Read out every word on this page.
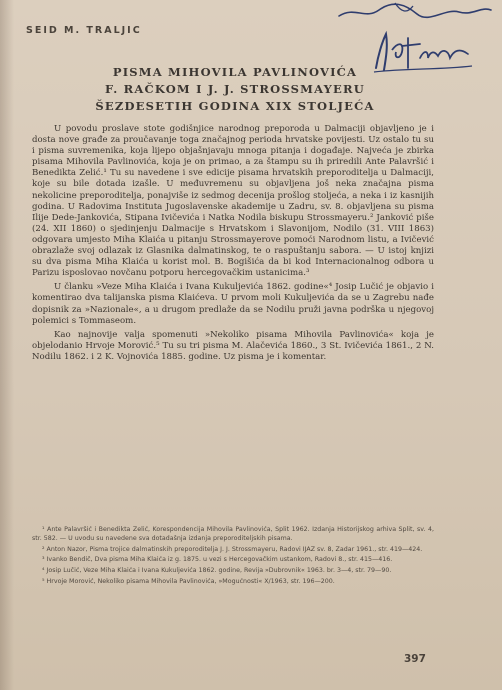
SEID M. TRALJIC
PISMA MIHOVILA PAVLINOVIĆA
F. RAČKOM I J. J. STROSSMAYERU
ŠEZDESETIH GODINA XIX STOLJEĆA

U povodu proslave stote godišnjice narodnog preporoda u Dalmaciji objavljeno je i dosta nove građe za proučavanje toga značajnog perioda hrvatske povijesti. Uz ostalo tu su i pisma suvremenika, koja lijepo objašnjavaju mnoga pitanja i događaje. Najveća je zbirka pisama Mihovila Pavlinovića, koja je on primao, a za štampu su ih priredili Ante Palavršić i Benediktа Zelić.¹ Tu su navedene i sve edicije pisama hrvatskih preporoditelja u Dalmaciji, koje su bile dotada izašle. U međuvremenu su objavljena još neka značajna pisma nekolicine preporoditelja, ponajviše iz sedmog decenija prošlog stoljeća, a neka i iz kasnijih godina. U Radovima Instituta Jugoslavenske akademije u Zadru, sv. 8. objavljena su pisma Ilije Dede-Jankovića, Stipana Ivičevića i Natka Nodila biskupu Strossmayeru.² Janković piše (24. XII 1860) o sjedinjenju Dalmacije s Hrvatskom i Slavonijom, Nodilo (31. VIII 1863) odgovara umjesto Miha Klaića u pitanju Strossmayerove pomoći Narodnom listu, a Ivičević obrazlaže svoj odlazak iz Glasnika dalmatinskog, te o raspuštanju sabora. — U istoj knjizi su dva pisma Miha Klaića u korist mol. B. Bogišića da bi kod Internacionalnog odbora u Parizu isposlovao novčanu potporu hercegovačkim ustanicima.³

U članku »Veze Miha Klaića i Ivana Kukuljevića 1862. godine«⁴ Josip Lučić je objavio i komentirao dva talijanska pisma Klaićeva. U prvom moli Kukuljevića da se u Zagrebu nađe dopisnik za »Nazionale«, a u drugom predlaže da se Nodilu pruži javna podrška u njegovoj polemici s Tommaseom.

Kao najnovije valja spomenuti »Nekoliko pisama Mihovila Pavlinovića« koja je objelodanio Hrvoje Morović.⁵ Tu su tri pisma M. Alačevića 1860., 3 St. Ivičevića 1861., 2 N. Nodilu 1862. i 2 K. Vojnovića 1885. godine. Uz pisma je i komentar.

¹ Ante Palavršić i Benedikta Zelić, Korespondencija Mihovila Pavlinovića, Split 1962. Izdanja Historijskog arhiva Split, sv. 4, str. 582. — U uvodu su navedene sva dotadašnja izdanja preporoditeljskih pisama.

² Anton Nazor, Pisma trojice dalmatinskih preporoditelja J. J. Strossmayeru, Radovi IJAZ sv. 8, Zadar 1961., str. 419—424.

³ Ivanko Bendič, Dva pisma Miha Klaića iz g. 1875. u vezi s Hercegovačkim ustankom, Radovi 8., str. 415—416.

⁴ Josip Lučić, Veze Miha Klaića i Ivana Kukuljevića 1862. godine, Revija »Dubrovnik« 1963. br. 3—4, str. 79—90.

⁵ Hrvoje Morović, Nekoliko pisama Mihovila Pavlinovića, »Mogućnosti« X/1963, str. 196—200.

397
